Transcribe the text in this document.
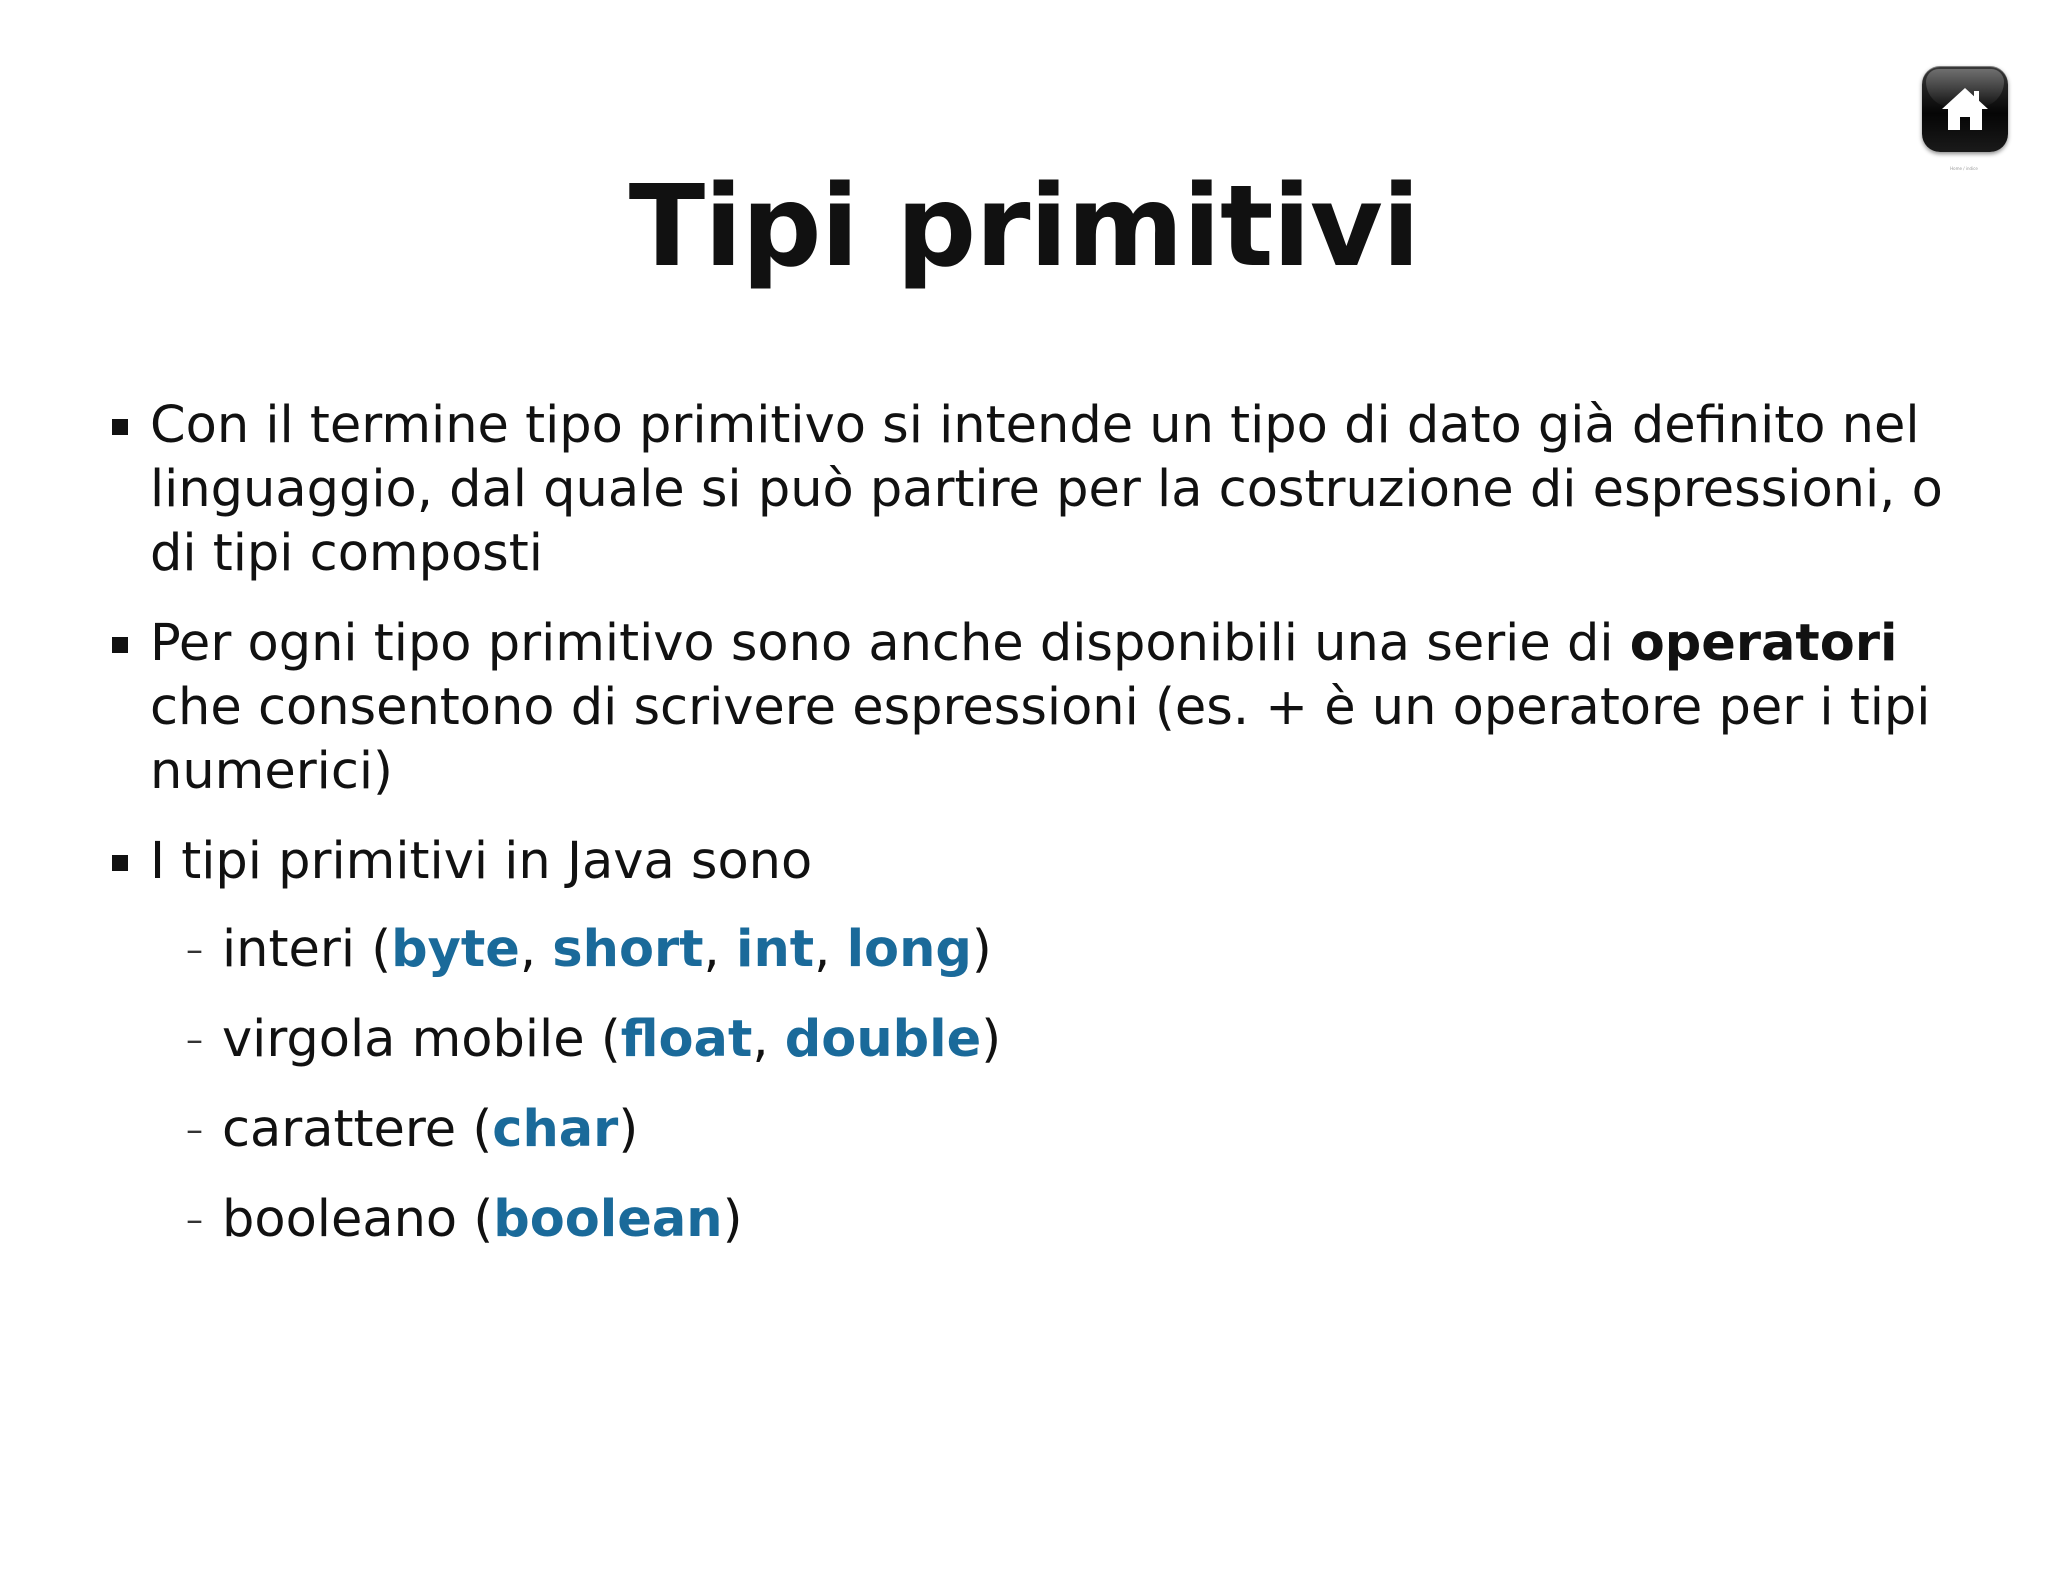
Home / indice
Tipi primitivi
Con il termine tipo primitivo si intende un tipo di dato già definito nel linguaggio, dal quale si può partire per la costruzione di espressioni, o di tipi composti
Per ogni tipo primitivo sono anche disponibili una serie di operatori che consentono di scrivere espressioni (es. + è un operatore per i tipi numerici)
I tipi primitivi in Java sono
– interi (byte, short, int, long)
– virgola mobile (float, double)
– carattere (char)
– booleano (boolean)
